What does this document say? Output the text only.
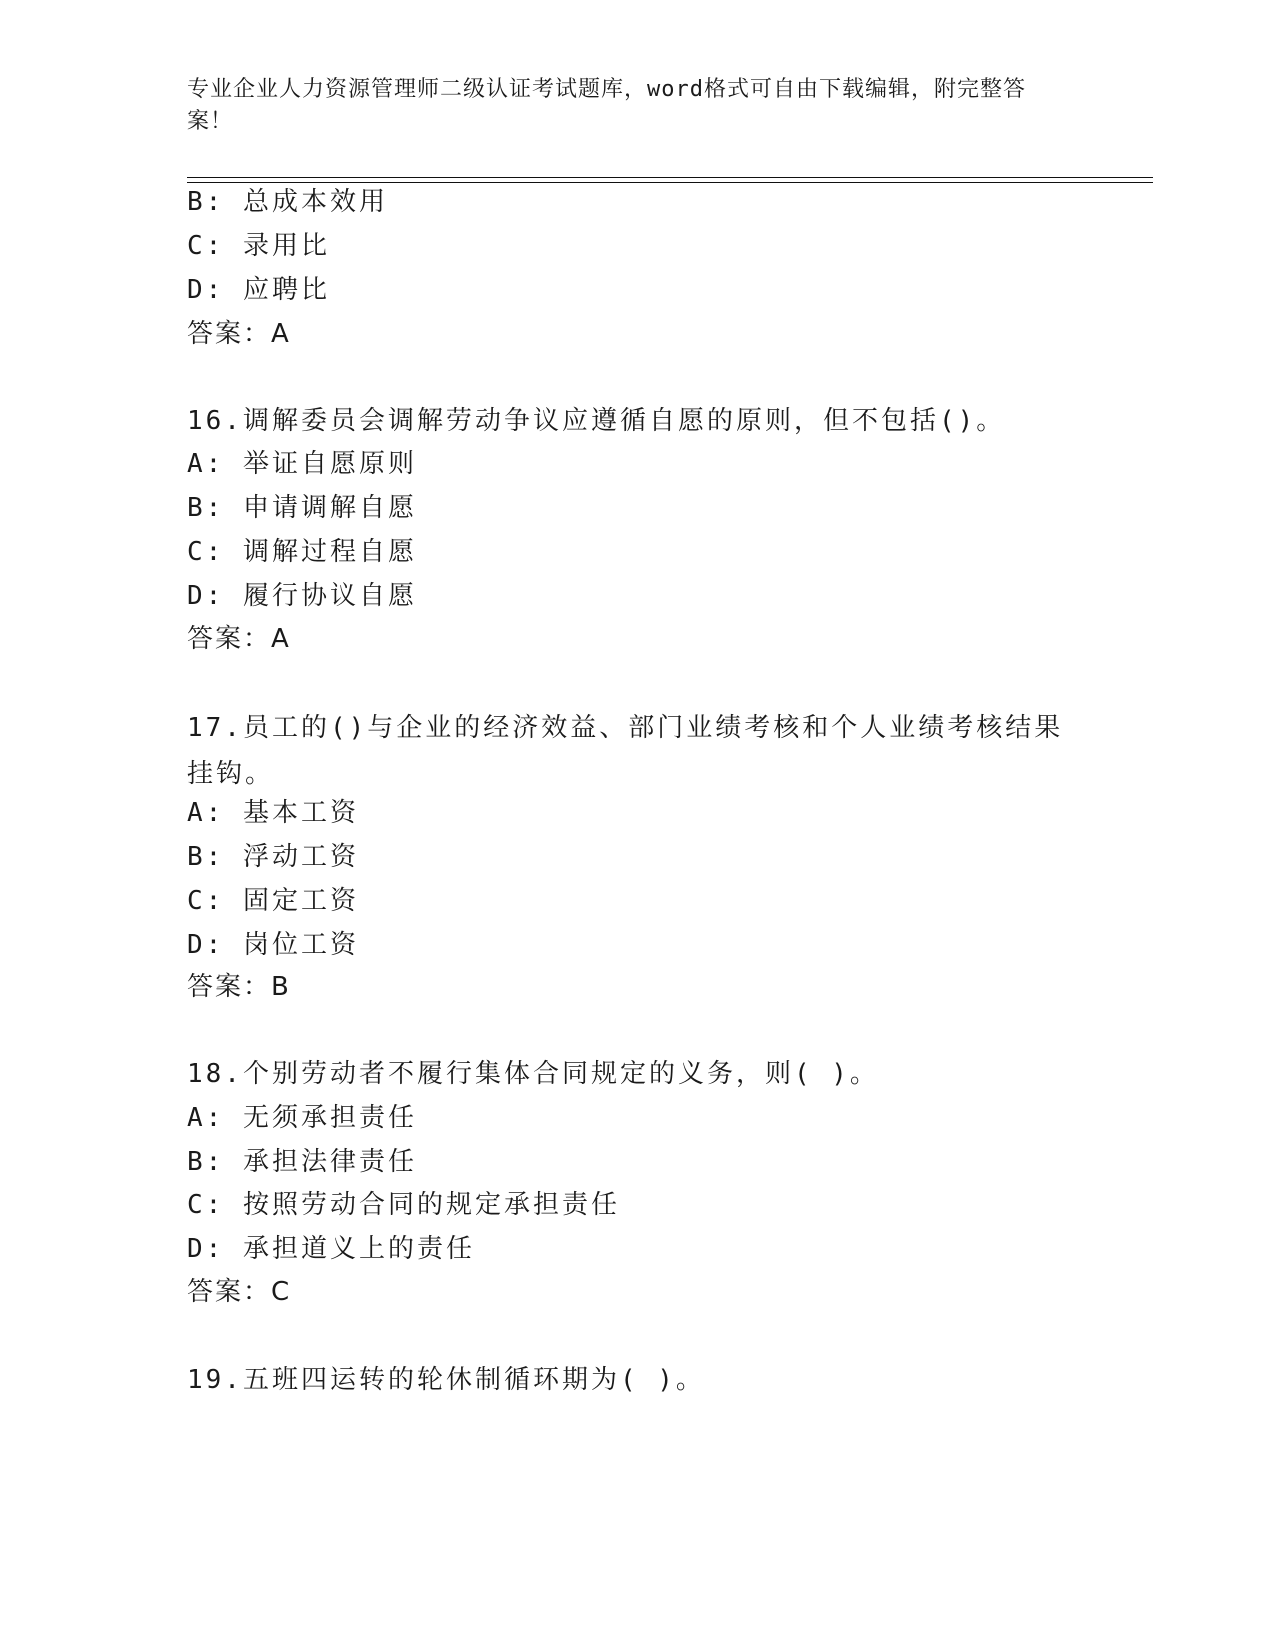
专业企业人力资源管理师二级认证考试题库，word格式可自由下载编辑，附完整答案！
B: 总成本效用
C: 录用比
D: 应聘比
答案：A
16.调解委员会调解劳动争议应遵循自愿的原则，但不包括()。
A: 举证自愿原则
B: 申请调解自愿
C: 调解过程自愿
D: 履行协议自愿
答案：A
17.员工的()与企业的经济效益、部门业绩考核和个人业绩考核结果挂钩。
A: 基本工资
B: 浮动工资
C: 固定工资
D: 岗位工资
答案：B
18.个别劳动者不履行集体合同规定的义务，则( )。
A: 无须承担责任
B: 承担法律责任
C: 按照劳动合同的规定承担责任
D: 承担道义上的责任
答案：C
19.五班四运转的轮休制循环期为( )。
